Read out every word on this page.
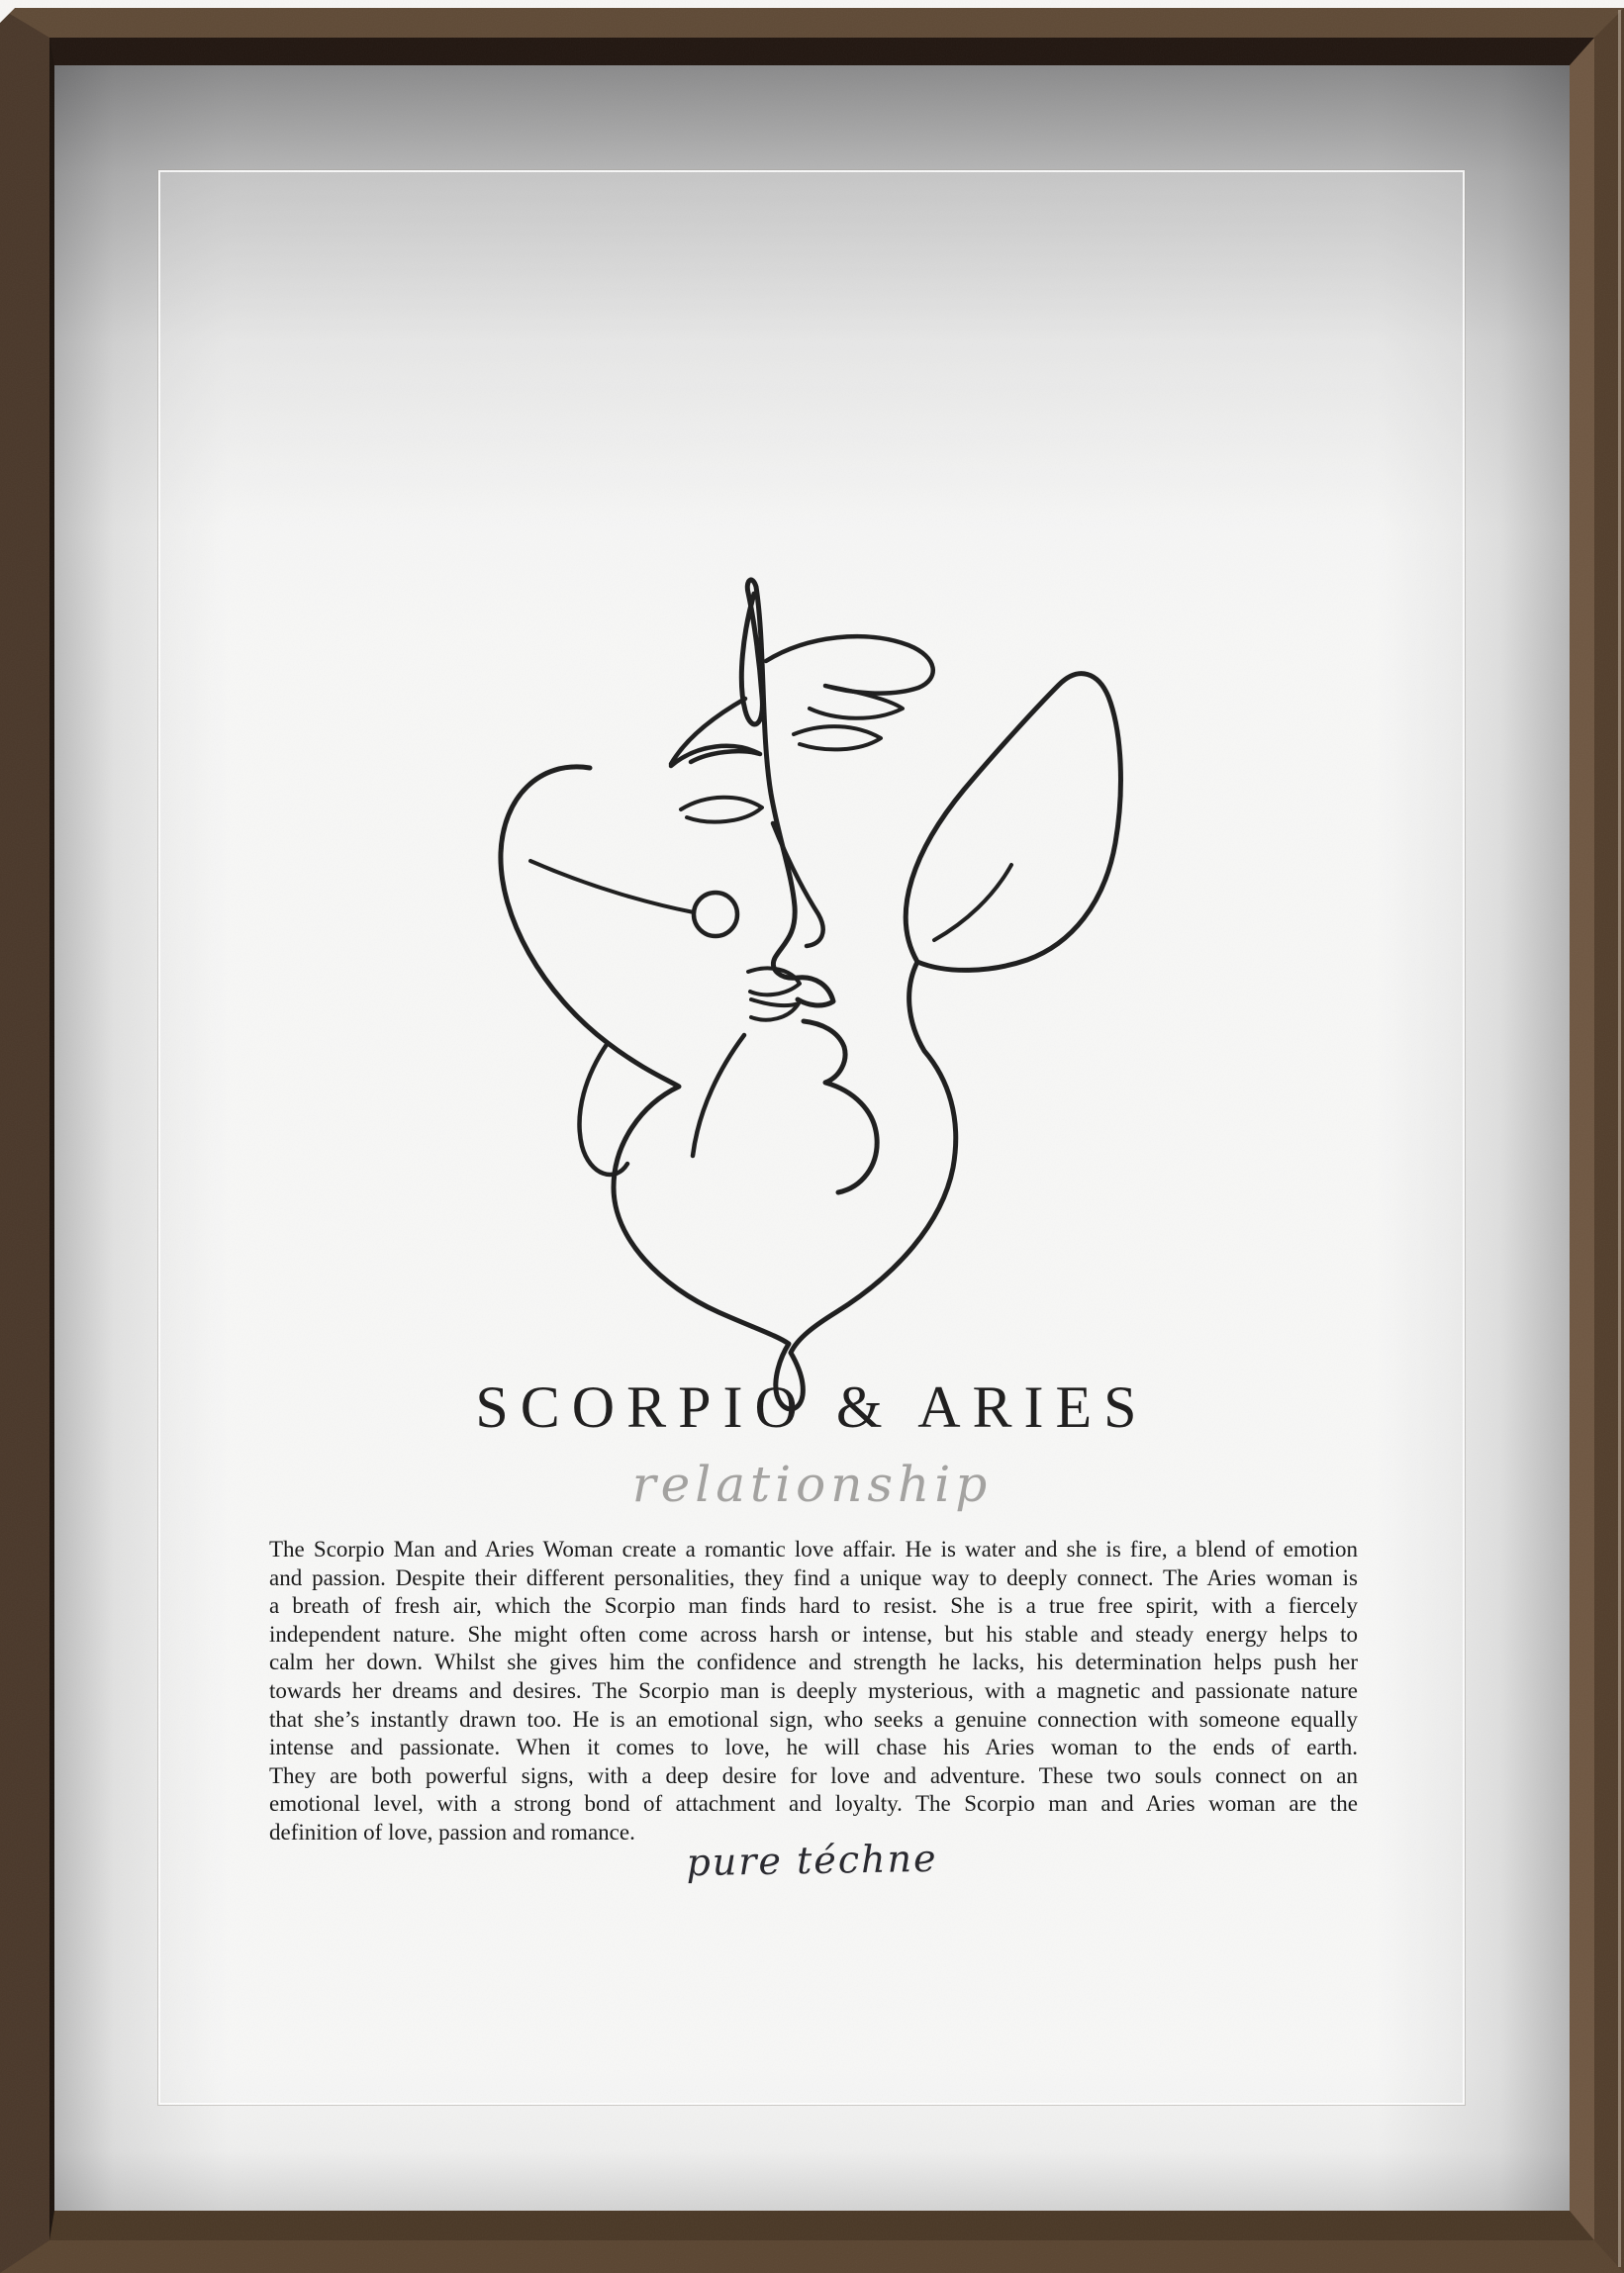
SCORPIO & ARIES
relationship
The Scorpio Man and Aries Woman create a romantic love affair. He is water and she is fire, a blend of emotion
and passion. Despite their different personalities, they find a unique way to deeply connect. The Aries woman is
a breath of fresh air, which the Scorpio man finds hard to resist. She is a true free spirit, with a fiercely
independent nature. She might often come across harsh or intense, but his stable and steady energy helps to
calm her down. Whilst she gives him the confidence and strength he lacks, his determination helps push her
towards her dreams and desires. The Scorpio man is deeply mysterious, with a magnetic and passionate nature
that she’s instantly drawn too. He is an emotional sign, who seeks a genuine connection with someone equally
intense and passionate. When it comes to love, he will chase his Aries woman to the ends of earth.
They are both powerful signs, with a deep desire for love and adventure. These two souls connect on an
emotional level, with a strong bond of attachment and loyalty. The Scorpio man and Aries woman are the
definition of love, passion and romance.
pure téchne
